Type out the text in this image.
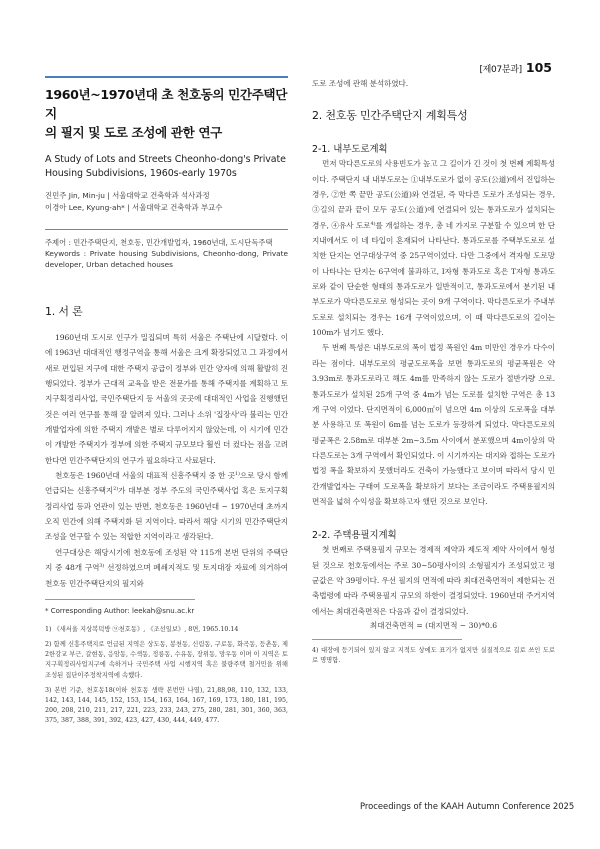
[제07분과] 105
1960년~1970년대 초 천호동의 민간주택단지
의 필지 및 도로 조성에 관한 연구
A Study of Lots and Streets Cheonho-dong's Private
Housing Subdivisions, 1960s-early 1970s
진민주 Jin, Min-ju | 서울대학교 건축학과 석사과정
이경아 Lee, Kyung-ah* | 서울대학교 건축학과 부교수
주제어 : 민간주택단지, 천호동, 민간개발업자, 1960년대, 도시단독주택
Keywords : Private housing Subdivisions, Cheonho-dong, Private developer, Urban detached houses
1. 서 론

1960년대 도시로 인구가 밀집되며 특히 서울은 주택난에 시달렸다. 이에 1963년 대대적인 행정구역을 통해 서울은 크게 확장되었고 그 과정에서 새로 편입된 지구에 대한 주택지 공급이 정부와 민간 양자에 의해 활발히 진행되었다. 정부가 근대적 교육을 받은 전문가를 통해 주택지를 계획하고 토지구획정리사업, 국민주택단지 등 서울의 곳곳에 대대적인 사업을 진행했던 것은 여러 연구를 통해 잘 알려져 있다. 그러나 소위 '집장사'라 불리는 민간개발업자에 의한 주택지 개발은 별로 다루어지지 않았는데, 이 시기에 민간이 개발한 주택지가 정부에 의한 주택지 규모보다 훨씬 더 컸다는 점을 고려한다면 민간주택단지의 연구가 필요하다고 사료된다.

천호동은 1960년대 서울의 대표적 신흥주택지 중 한 곳$^{1)}$으로 당시 함께 언급되는 신흥주택지$^{2)}$가 대부분 정부 주도의 국민주택사업 혹은 토지구획정리사업 등과 연관이 있는 반면, 천호동은 1960년대 ~ 1970년대 초까지 오직 민간에 의해 주택지화 된 지역이다. 따라서 해당 시기의 민간주택단지 조성을 연구할 수 있는 적합한 지역이라고 생각된다.

연구대상은 해당시기에 천호동에 조성된 약 115개 본번 단위의 주택단지 중 48개 구역$^{3)}$ 선정하였으며 폐쇄지적도 및 토지대장 자료에 의거하여 천호동 민간주택단지의 필지와

* Corresponding Author: leekah@snu.ac.kr

1) 《새서울 지상복덕방 ⑨천호동》, 《조선일보》, 8면, 1965.10.14

2) 함께 신흥주택지로 언급된 지역은 상도동, 봉천동, 신림동, 구로동, 화곡동, 등촌동, 제2한강교 부근, 갈현동, 응암동, 수색동, 정릉동, 수유동, 장위동, 망우동 이며 이 지역은 토지구획정리사업지구에 속하거나 국민주택 사업 시행지역 혹은 불량주택 철거민을 위해 조성된 집단이주정착지역에 속했다.

3) 본번 기준, 천호동18(이하 천호동 생략 본번만 나열), 21,88,98, 110, 132, 133, 142, 143, 144, 145, 152, 153, 154, 163, 164, 167, 169, 173, 180, 181, 195, 200, 208, 210, 211, 217, 221, 223, 233, 243, 275, 280, 281, 301, 360, 363, 375, 387, 388, 391, 392, 423, 427, 430, 444, 449, 477.

도로 조성에 관해 분석하였다.

2. 천호동 민간주택단지 계획특성
2-1. 내부도로계획

먼저 막다른도로의 사용빈도가 높고 그 길이가 긴 것이 첫 번째 계획특성이다. 주택단지 내 내부도로는 ①내부도로가 없이 공도(公道)에서 진입하는 경우, ②한 쪽 끝만 공도(公道)와 연결된, 즉 막다른 도로가 조성되는 경우, ③길의 끝과 끝이 모두 공도(公道)에 연결되어 있는 통과도로가 설치되는 경우, ④유사 도로$^{4)}$를 개설하는 경우, 총 네 가지로 구분할 수 있으며 한 단지내에서도 이 네 타입이 혼재되어 나타난다. 통과도로를 주택부도로로 설치한 단지는 연구대상구역 중 25구역이었다. 다만 그중에서 격자형 도로망이 나타나는 단지는 6구역에 불과하고, I자형 통과도로 혹은 T자형 통과도로와 같이 단순한 형태의 통과도로가 일반적이고, 통과도로에서 분기된 내부도로가 막다른도로로 형성되는 곳이 9개 구역이다. 막다른도로가 주내부도로로 설치되는 경우는 16개 구역이었으며, 이 때 막다른도로의 길이는 100m가 넘기도 했다.

두 번째 특성은 내부도로의 폭이 법정 폭원인 4m 미만인 경우가 다수이라는 점이다. 내부도로의 평균도로폭을 보면 통과도로의 평균폭원은 약 3.93m로 통과도로라고 해도 4m를 만족하지 않는 도로가 절반가량 으로. 통과도로가 설치된 25개 구역 중 4m가 넘는 도로를 설치한 구역은 총 13개 구역 이었다. 단지면적이 6,000㎡이 넘으면 4m 이상의 도로폭을 대부분 사용하고 또 폭원이 6m를 넘는 도로가 등장하게 되었다. 막다른도로의 평균폭은 2.58m로 대부분 2m~3.5m 사이에서 분포했으며 4m이상의 막다른도로는 3개 구역에서 확인되었다. 이 시기까지는 대지와 접하는 도로가 법정 폭을 확보하지 못했더라도 건축이 가능했다고 보이며 따라서 당시 민간개발업자는 구태여 도로폭을 확보하기 보다는 조금이라도 주택용필지의 면적을 넓혀 수익성을 확보하고자 했던 것으로 보인다.

2-2. 주택용필지계획

첫 번째로 주택용필지 규모는 경제적 제약과 제도적 제약 사이에서 형성된 것으로 천호동에서는 주로 30~50평사이의 소형필지가 조성되었고 평균값은 약 39평이다. 우선 필지의 면적에 따라 최대건축면적이 제한되는 건축법령에 따라 주택용필지 규모의 하한이 결정되었다. 1960년대 주거지역에서는 최대건축면적은 다음과 같이 결정되었다.

최대건축면적 = (대지면적 − 30)*0.6

4) 대장에 등기되어 있지 않고 지적도 상에도 표기가 없지만 실질적으로 길로 쓰인 도로로 명명함.

Proceedings of the KAAH Autumn Conference 2025
